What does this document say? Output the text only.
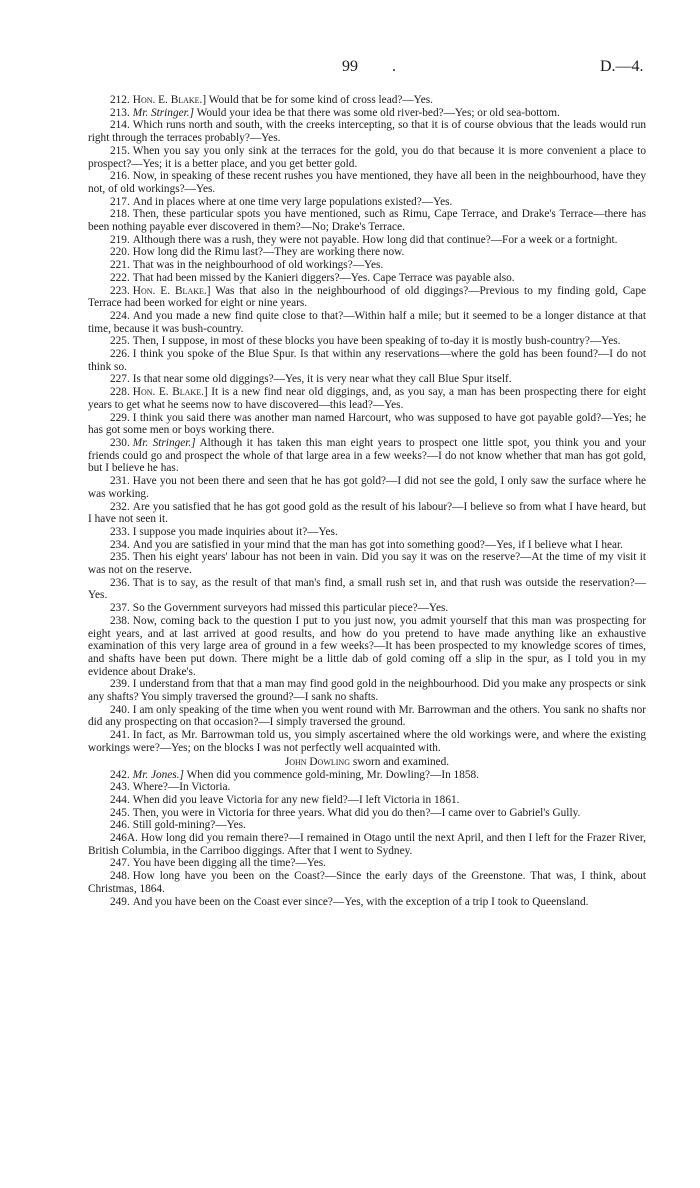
99 .	D.—4.

212. Hon. E. Blake.] Would that be for some kind of cross lead?—Yes.

213. Mr. Stringer.] Would your idea be that there was some old river-bed?—Yes; or old sea-bottom.

214. Which runs north and south, with the creeks intercepting, so that it is of course obvious that the leads would run right through the terraces probably?—Yes.

215. When you say you only sink at the terraces for the gold, you do that because it is more convenient a place to prospect?—Yes; it is a better place, and you get better gold.

216. Now, in speaking of these recent rushes you have mentioned, they have all been in the neighbourhood, have they not, of old workings?—Yes.

217. And in places where at one time very large populations existed?—Yes.

218. Then, these particular spots you have mentioned, such as Rimu, Cape Terrace, and Drake's Terrace—there has been nothing payable ever discovered in them?—No; Drake's Terrace.

219. Although there was a rush, they were not payable. How long did that continue?—For a week or a fortnight.

220. How long did the Rimu last?—They are working there now.

221. That was in the neighbourhood of old workings?—Yes.

222. That had been missed by the Kanieri diggers?—Yes. Cape Terrace was payable also.

223. Hon. E. Blake.] Was that also in the neighbourhood of old diggings?—Previous to my finding gold, Cape Terrace had been worked for eight or nine years.

224. And you made a new find quite close to that?—Within half a mile; but it seemed to be a longer distance at that time, because it was bush-country.

225. Then, I suppose, in most of these blocks you have been speaking of to-day it is mostly bush-country?—Yes.

226. I think you spoke of the Blue Spur. Is that within any reservations—where the gold has been found?—I do not think so.

227. Is that near some old diggings?—Yes, it is very near what they call Blue Spur itself.

228. Hon. E. Blake.] It is a new find near old diggings, and, as you say, a man has been prospecting there for eight years to get what he seems now to have discovered—this lead?—Yes.

229. I think you said there was another man named Harcourt, who was supposed to have got payable gold?—Yes; he has got some men or boys working there.

230. Mr. Stringer.] Although it has taken this man eight years to prospect one little spot, you think you and your friends could go and prospect the whole of that large area in a few weeks?—I do not know whether that man has got gold, but I believe he has.

231. Have you not been there and seen that he has got gold?—I did not see the gold, I only saw the surface where he was working.

232. Are you satisfied that he has got good gold as the result of his labour?—I believe so from what I have heard, but I have not seen it.

233. I suppose you made inquiries about it?—Yes.

234. And you are satisfied in your mind that the man has got into something good?—Yes, if I believe what I hear.

235. Then his eight years' labour has not been in vain. Did you say it was on the reserve?—At the time of my visit it was not on the reserve.

236. That is to say, as the result of that man's find, a small rush set in, and that rush was outside the reservation?—Yes.

237. So the Government surveyors had missed this particular piece?—Yes.

238. Now, coming back to the question I put to you just now, you admit yourself that this man was prospecting for eight years, and at last arrived at good results, and how do you pretend to have made anything like an exhaustive examination of this very large area of ground in a few weeks?—It has been prospected to my knowledge scores of times, and shafts have been put down. There might be a little dab of gold coming off a slip in the spur, as I told you in my evidence about Drake's.

239. I understand from that that a man may find good gold in the neighbourhood. Did you make any prospects or sink any shafts? You simply traversed the ground?—I sank no shafts.

240. I am only speaking of the time when you went round with Mr. Barrowman and the others. You sank no shafts nor did any prospecting on that occasion?—I simply traversed the ground.

241. In fact, as Mr. Barrowman told us, you simply ascertained where the old workings were, and where the existing workings were?—Yes; on the blocks I was not perfectly well acquainted with.

John Dowling sworn and examined.

242. Mr. Jones.] When did you commence gold-mining, Mr. Dowling?—In 1858.

243. Where?—In Victoria.

244. When did you leave Victoria for any new field?—I left Victoria in 1861.

245. Then, you were in Victoria for three years. What did you do then?—I came over to Gabriel's Gully.

246. Still gold-mining?—Yes.

246A. How long did you remain there?—I remained in Otago until the next April, and then I left for the Frazer River, British Columbia, in the Carriboo diggings. After that I went to Sydney.

247. You have been digging all the time?—Yes.

248. How long have you been on the Coast?—Since the early days of the Greenstone. That was, I think, about Christmas, 1864.

249. And you have been on the Coast ever since?—Yes, with the exception of a trip I took to Queensland.
